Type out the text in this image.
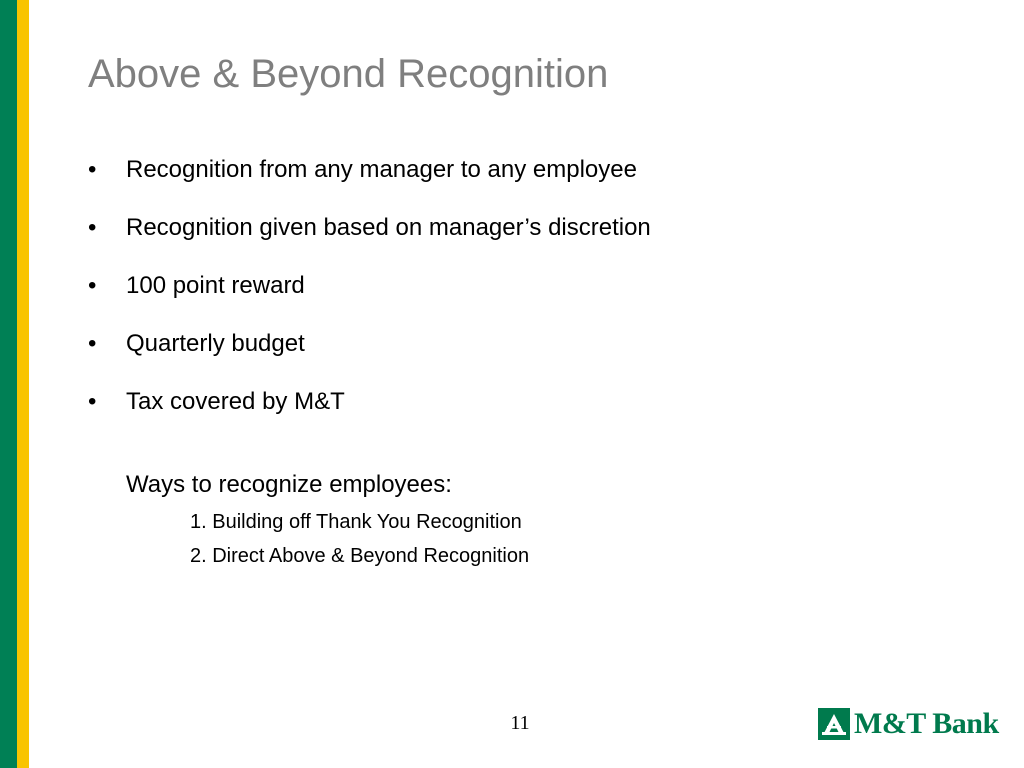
Above & Beyond Recognition
•	Recognition from any manager to any employee
•	Recognition given based on manager’s discretion
•	100 point reward
•	Quarterly budget
•	Tax covered by M&T
Ways to recognize employees:
1. Building off Thank You Recognition
2. Direct Above & Beyond Recognition
11	M&T Bank
